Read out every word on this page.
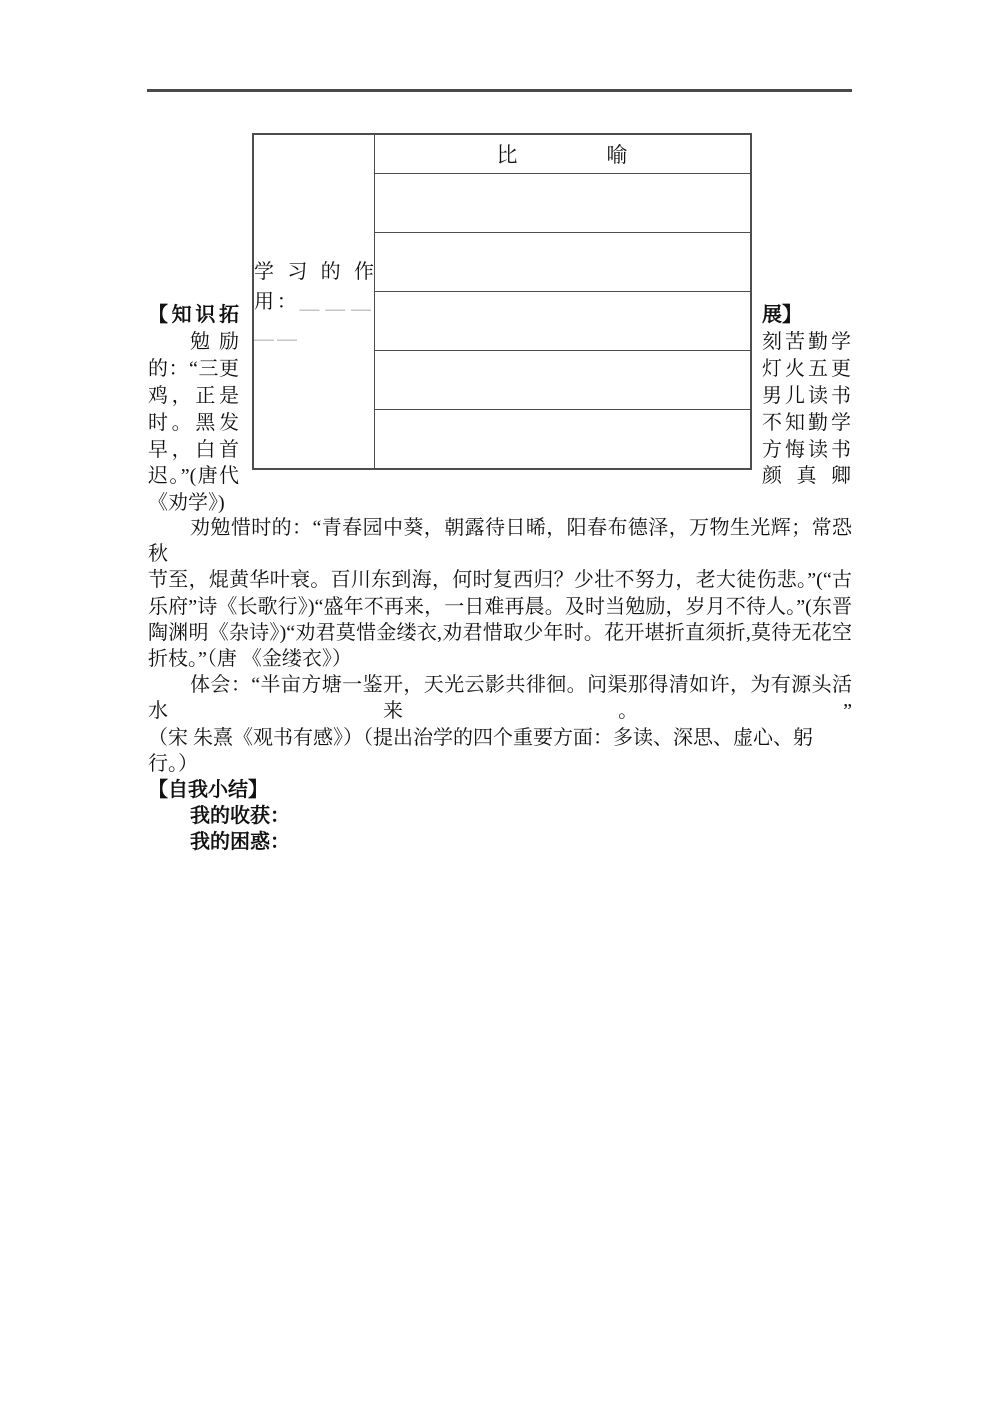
学习的作
用：＿＿＿
＿＿
	比　　　　喻

【知识拓
勉励
的：“三更
鸡，正是
时。黑发
早，白首
迟。”(唐代
《劝学》)
展】
刻苦勤学
灯火五更
男儿读书
不知勤学
方悔读书
颜真卿
劝勉惜时的：“青春园中葵，朝露待日晞，阳春布德泽，万物生光辉；常恐秋
节至，焜黄华叶衰。百川东到海，何时复西归？少壮不努力，老大徒伤悲。”(“古
乐府”诗《长歌行》)“盛年不再来，一日难再晨。及时当勉励，岁月不待人。”(东晋
陶渊明《杂诗》)“劝君莫惜金缕衣,劝君惜取少年时。花开堪折直须折,莫待无花空
折枝。”（唐 《金缕衣》）
体会：“半亩方塘一鉴开，天光云影共徘徊。问渠那得清如许，为有源头活水来。”
（宋 朱熹《观书有感》）（提出治学的四个重要方面：多读、深思、虚心、躬行。）
【自我小结】
我的收获：
我的困惑：
